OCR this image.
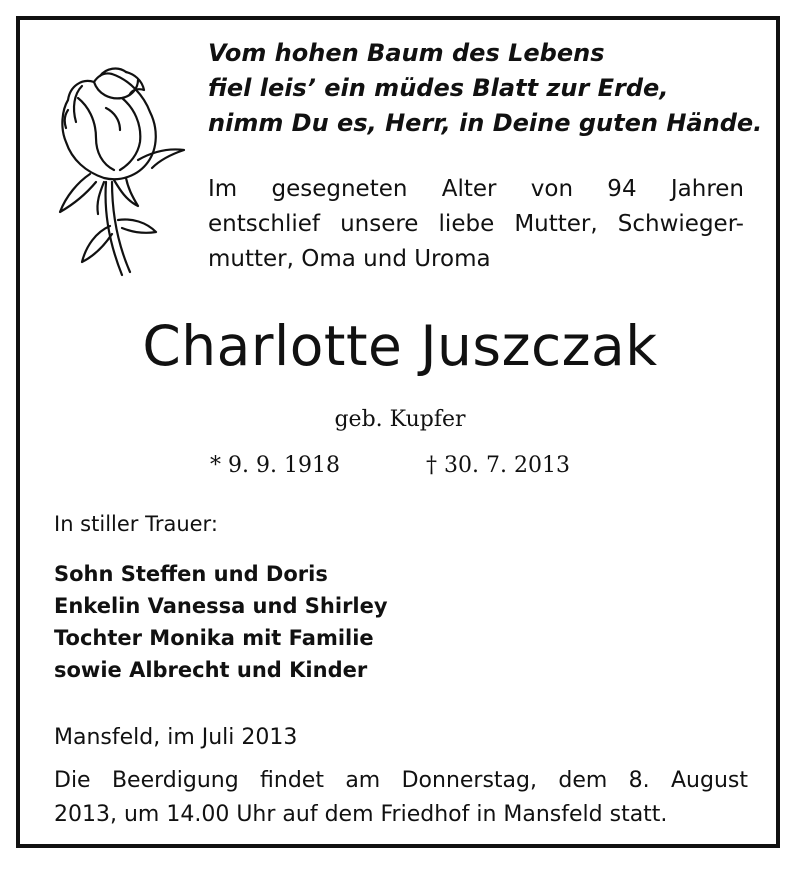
Vom hohen Baum des Lebens
fiel leis’ ein müdes Blatt zur Erde,
nimm Du es, Herr, in Deine guten Hände.
Im gesegneten Alter von 94 Jahren
entschlief unsere liebe Mutter, Schwieger-
mutter, Oma und Uroma
Charlotte Juszczak
geb. Kupfer
* 9. 9. 1918	† 30. 7. 2013
In stiller Trauer:
Sohn Steffen und Doris
Enkelin Vanessa und Shirley
Tochter Monika mit Familie
sowie Albrecht und Kinder
Mansfeld, im Juli 2013
Die Beerdigung findet am Donnerstag, dem 8. August
2013, um 14.00 Uhr auf dem Friedhof in Mansfeld statt.
